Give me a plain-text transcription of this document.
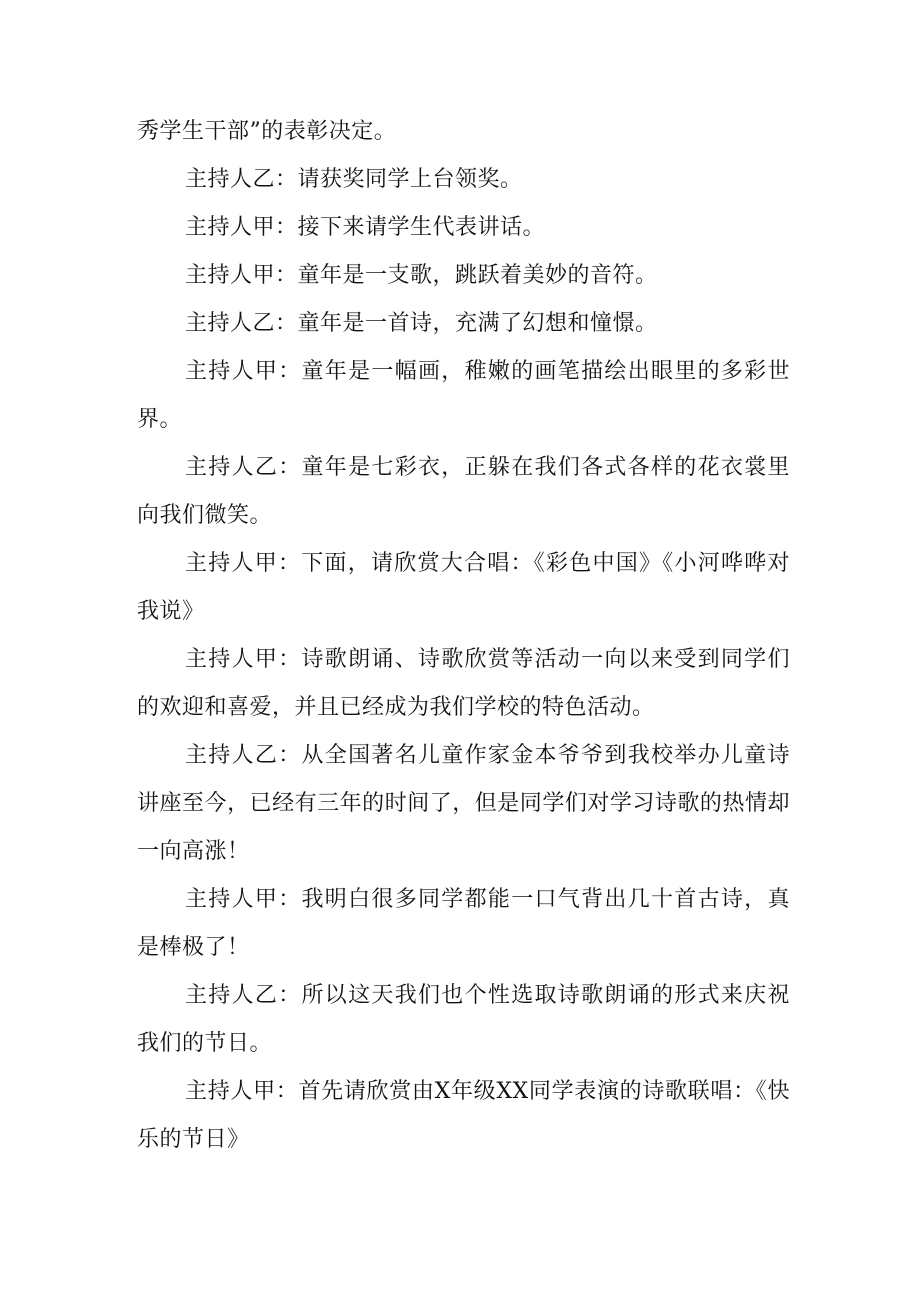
秀学生干部”的表彰决定。

主持人乙：请获奖同学上台领奖。

主持人甲：接下来请学生代表讲话。

主持人甲：童年是一支歌，跳跃着美妙的音符。

主持人乙：童年是一首诗，充满了幻想和憧憬。

主持人甲：童年是一幅画，稚嫩的画笔描绘出眼里的多彩世界。

主持人乙：童年是七彩衣，正躲在我们各式各样的花衣裳里向我们微笑。

主持人甲：下面，请欣赏大合唱：《彩色中国》《小河哗哗对我说》

主持人甲：诗歌朗诵、诗歌欣赏等活动一向以来受到同学们的欢迎和喜爱，并且已经成为我们学校的特色活动。

主持人乙：从全国著名儿童作家金本爷爷到我校举办儿童诗讲座至今，已经有三年的时间了，但是同学们对学习诗歌的热情却一向高涨！

主持人甲：我明白很多同学都能一口气背出几十首古诗，真是棒极了！

主持人乙：所以这天我们也个性选取诗歌朗诵的形式来庆祝我们的节日。

主持人甲：首先请欣赏由X年级XX同学表演的诗歌联唱：《快乐的节日》
